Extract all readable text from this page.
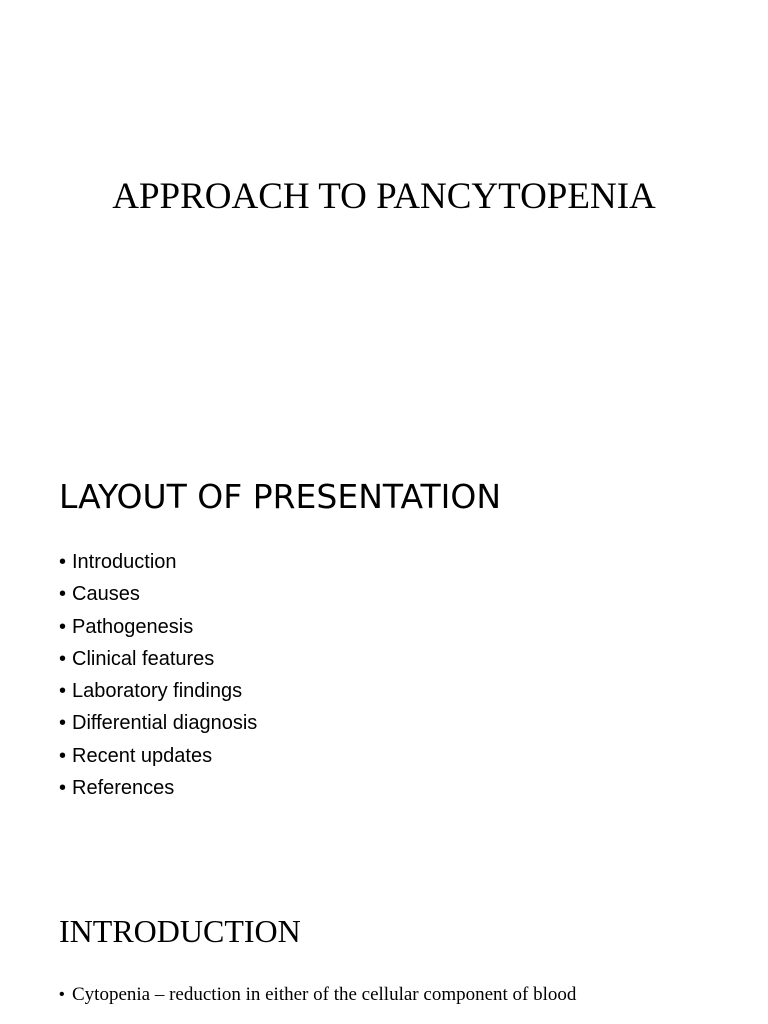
APPROACH TO PANCYTOPENIA
LAYOUT OF PRESENTATION
• Introduction
• Causes
• Pathogenesis
• Clinical features
• Laboratory findings
• Differential diagnosis
• Recent updates
• References
INTRODUCTION
• Cytopenia – reduction in either of the cellular component of blood
